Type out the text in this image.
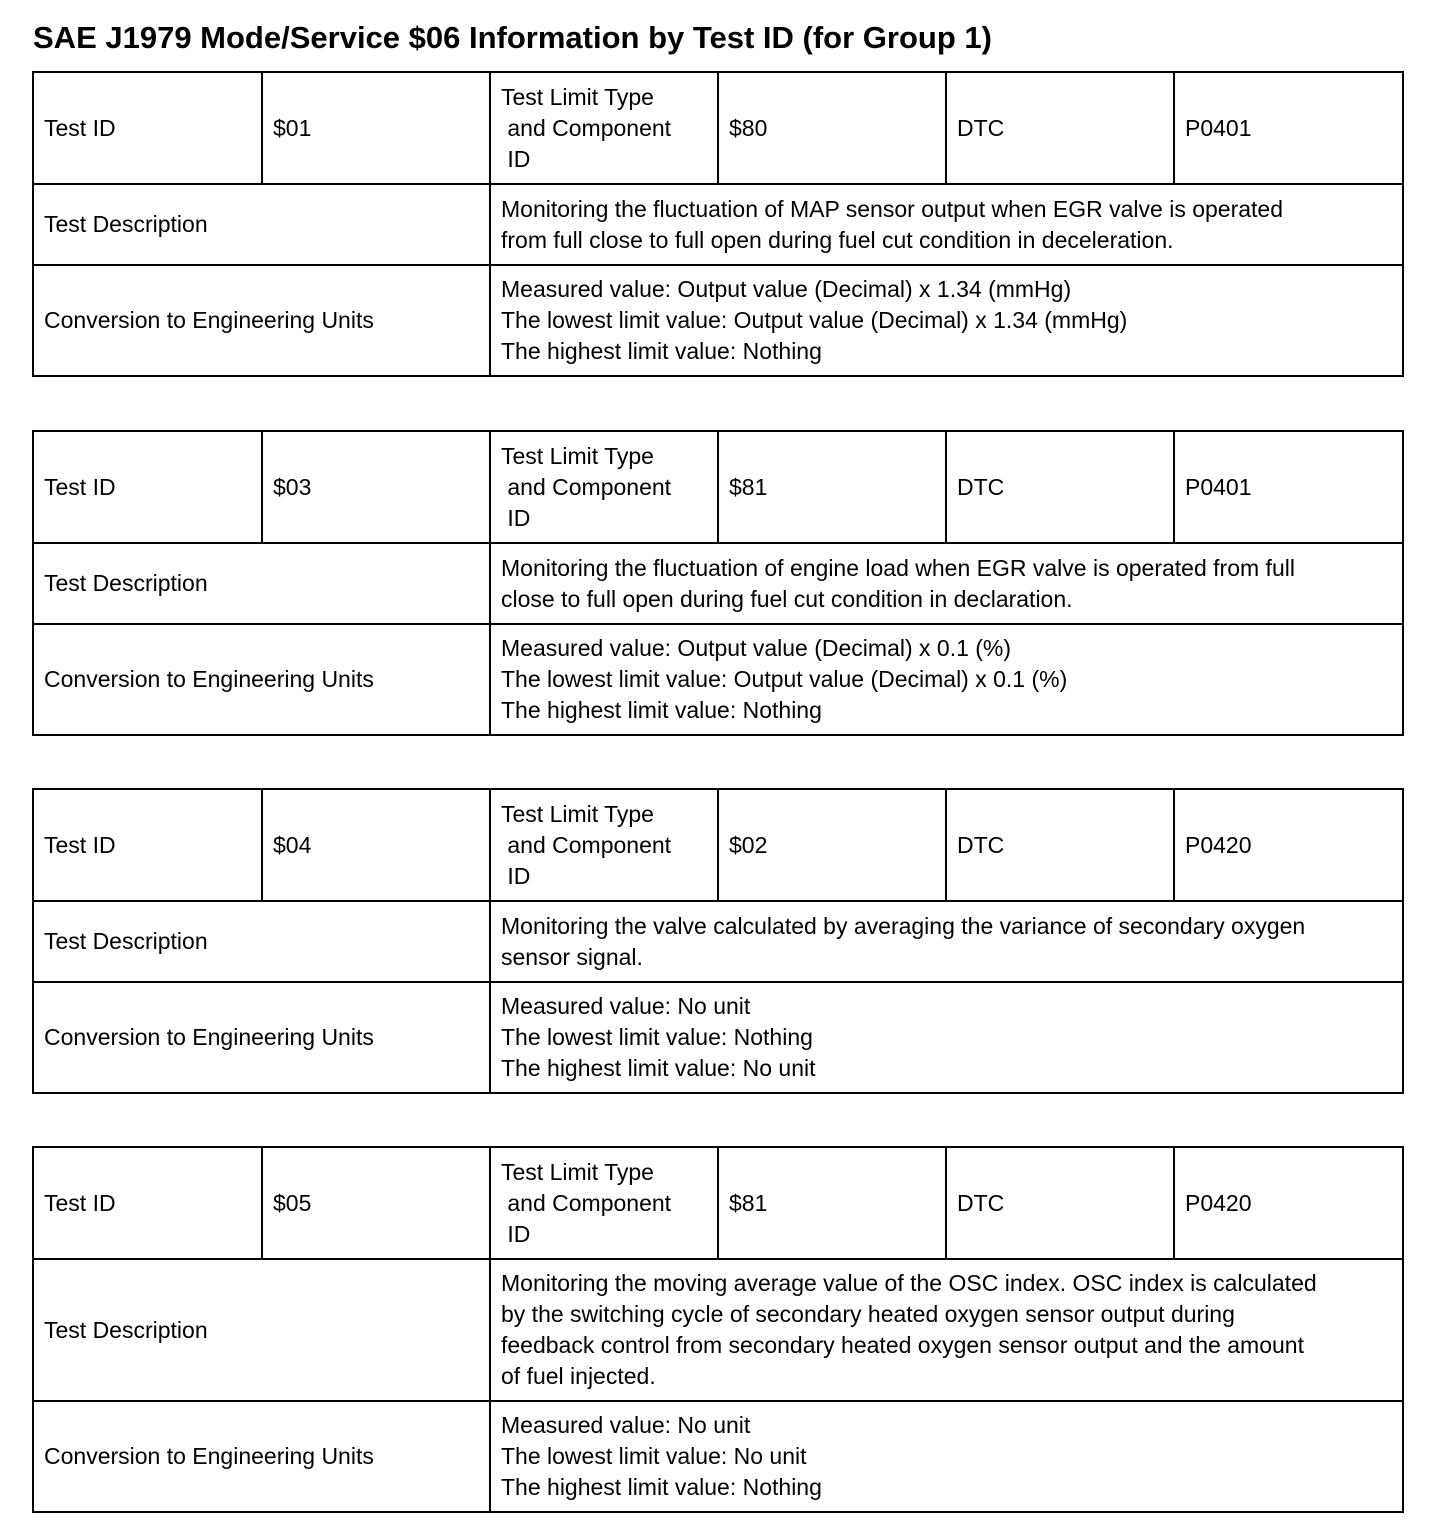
SAE J1979 Mode/Service $06 Information by Test ID (for Group 1)
Test ID	$01	Test Limit Type
and Component
ID	$80	DTC	P0401
Test Description		Monitoring the fluctuation of MAP sensor output when EGR valve is operated
from full close to full open during fuel cut condition in deceleration.			

Conversion to Engineering Units		Measured value: Output value (Decimal) x 1.34 (mmHg)
The lowest limit value: Output value (Decimal) x 1.34 (mmHg)
The highest limit value: Nothing			
Test ID	$03	Test Limit Type
and Component
ID	$81	DTC	P0401
Test Description		Monitoring the fluctuation of engine load when EGR valve is operated from full
close to full open during fuel cut condition in declaration.			

Conversion to Engineering Units		Measured value: Output value (Decimal) x 0.1 (%)
The lowest limit value: Output value (Decimal) x 0.1 (%)
The highest limit value: Nothing			
Test ID	$04	Test Limit Type
and Component
ID	$02	DTC	P0420
Test Description		Monitoring the valve calculated by averaging the variance of secondary oxygen
sensor signal.			

Conversion to Engineering Units		Measured value: No unit
The lowest limit value: Nothing
The highest limit value: No unit			
Test ID	$05	Test Limit Type
and Component
ID	$81	DTC	P0420
Test Description		Monitoring the moving average value of the OSC index. OSC index is calculated
by the switching cycle of secondary heated oxygen sensor output during
feedback control from secondary heated oxygen sensor output and the amount
of fuel injected.			

Conversion to Engineering Units		Measured value: No unit
The lowest limit value: No unit
The highest limit value: Nothing			
